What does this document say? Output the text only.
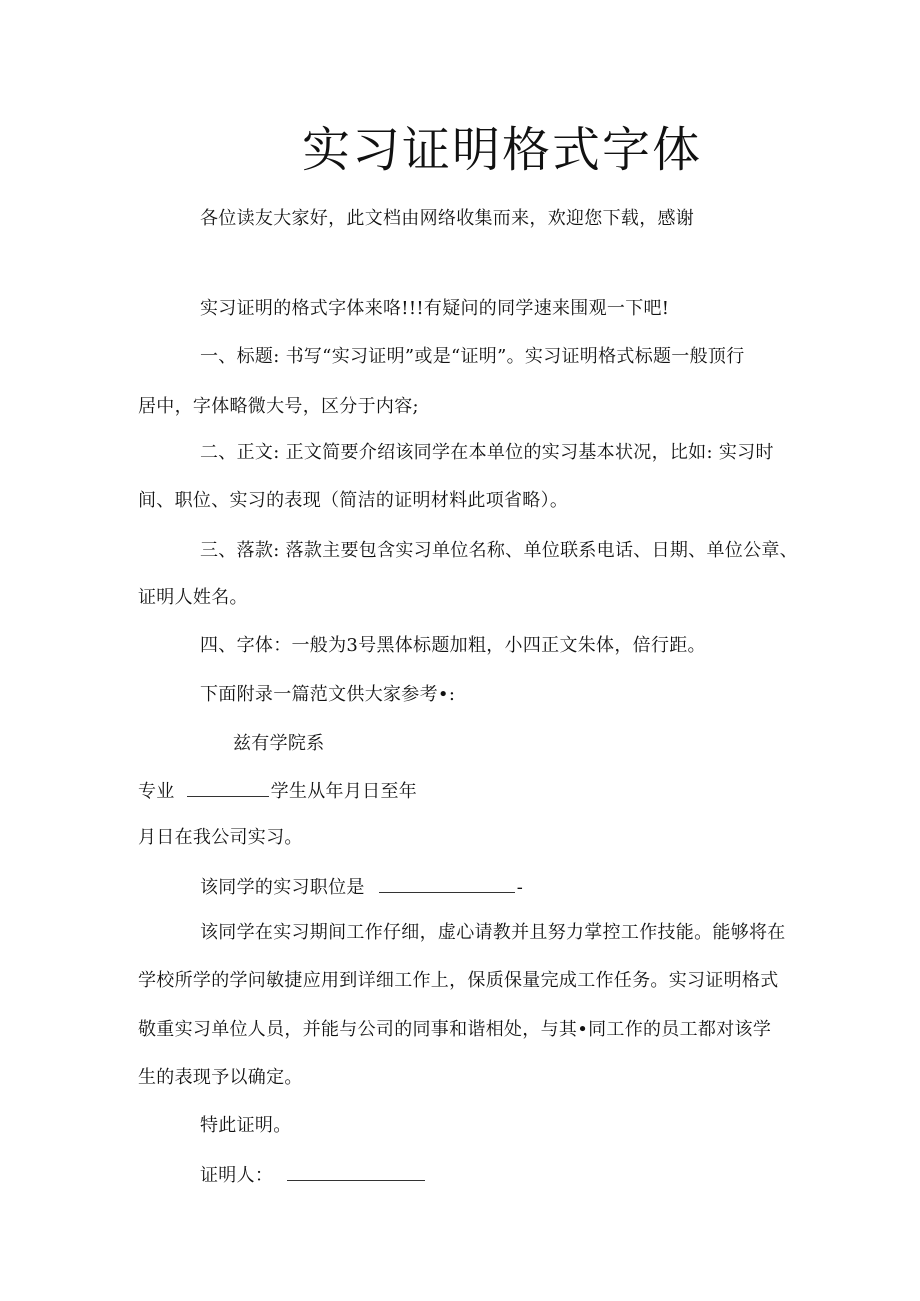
实习证明格式字体
各位读友大家好，此文档由网络收集而来，欢迎您下载，感谢
实习证明的格式字体来咯!!!有疑问的同学速来围观一下吧!
一、标题: 书写“实习证明”或是“证明”。实习证明格式标题一般顶行
居中，字体略微大号，区分于内容;
二、正文: 正文简要介绍该同学在本单位的实习基本状况，比如: 实习时
间、职位、实习的表现（简洁的证明材料此项省略）。
三、落款: 落款主要包含实习单位名称、单位联系电话、日期、单位公章、
证明人姓名。
四、字体：一般为3号黑体标题加粗，小四正文朱体，倍行距。
下面附录一篇范文供大家参考•:
兹有学院系
专业	学生从年月日至年
月日在我公司实习。
该同学的实习职位是	-
该同学在实习期间工作仔细，虚心请教并且努力掌控工作技能。能够将在
学校所学的学问敏捷应用到详细工作上，保质保量完成工作任务。实习证明格式
敬重实习单位人员，并能与公司的同事和谐相处，与其•同工作的员工都对该学
生的表现予以确定。
特此证明。
证明人：
